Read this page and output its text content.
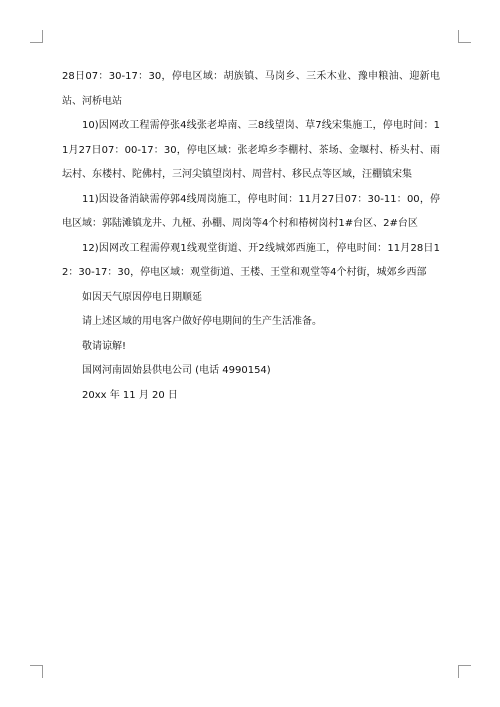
28日07：30-17：30，停电区域：胡族镇、马岗乡、三禾木业、豫申粮油、迎新电站、河桥电站

10)因网改工程需停张4线张老埠南、三8线望岗、草7线宋集施工，停电时间：11月27日07：00-17：30，停电区域：张老埠乡李棚村、茶场、金堰村、桥头村、雨坛村、东楼村、陀佛村，三河尖镇望岗村、周营村、移民点等区域，汪棚镇宋集

11)因设备消缺需停郭4线周岗施工，停电时间：11月27日07：30-11：00，停电区域：郭陆滩镇龙井、九桠、孙棚、周岗等4个村和椿树岗村1#台区、2#台区

12)因网改工程需停观1线观堂街道、开2线城郊西施工，停电时间：11月28日12：30-17：30，停电区域：观堂街道、王楼、王堂和观堂等4个村街，城郊乡西部

如因天气原因停电日期顺延

请上述区域的用电客户做好停电期间的生产生活准备。

敬请谅解!

国网河南固始县供电公司 (电话 4990154)

20xx 年 11 月 20 日
